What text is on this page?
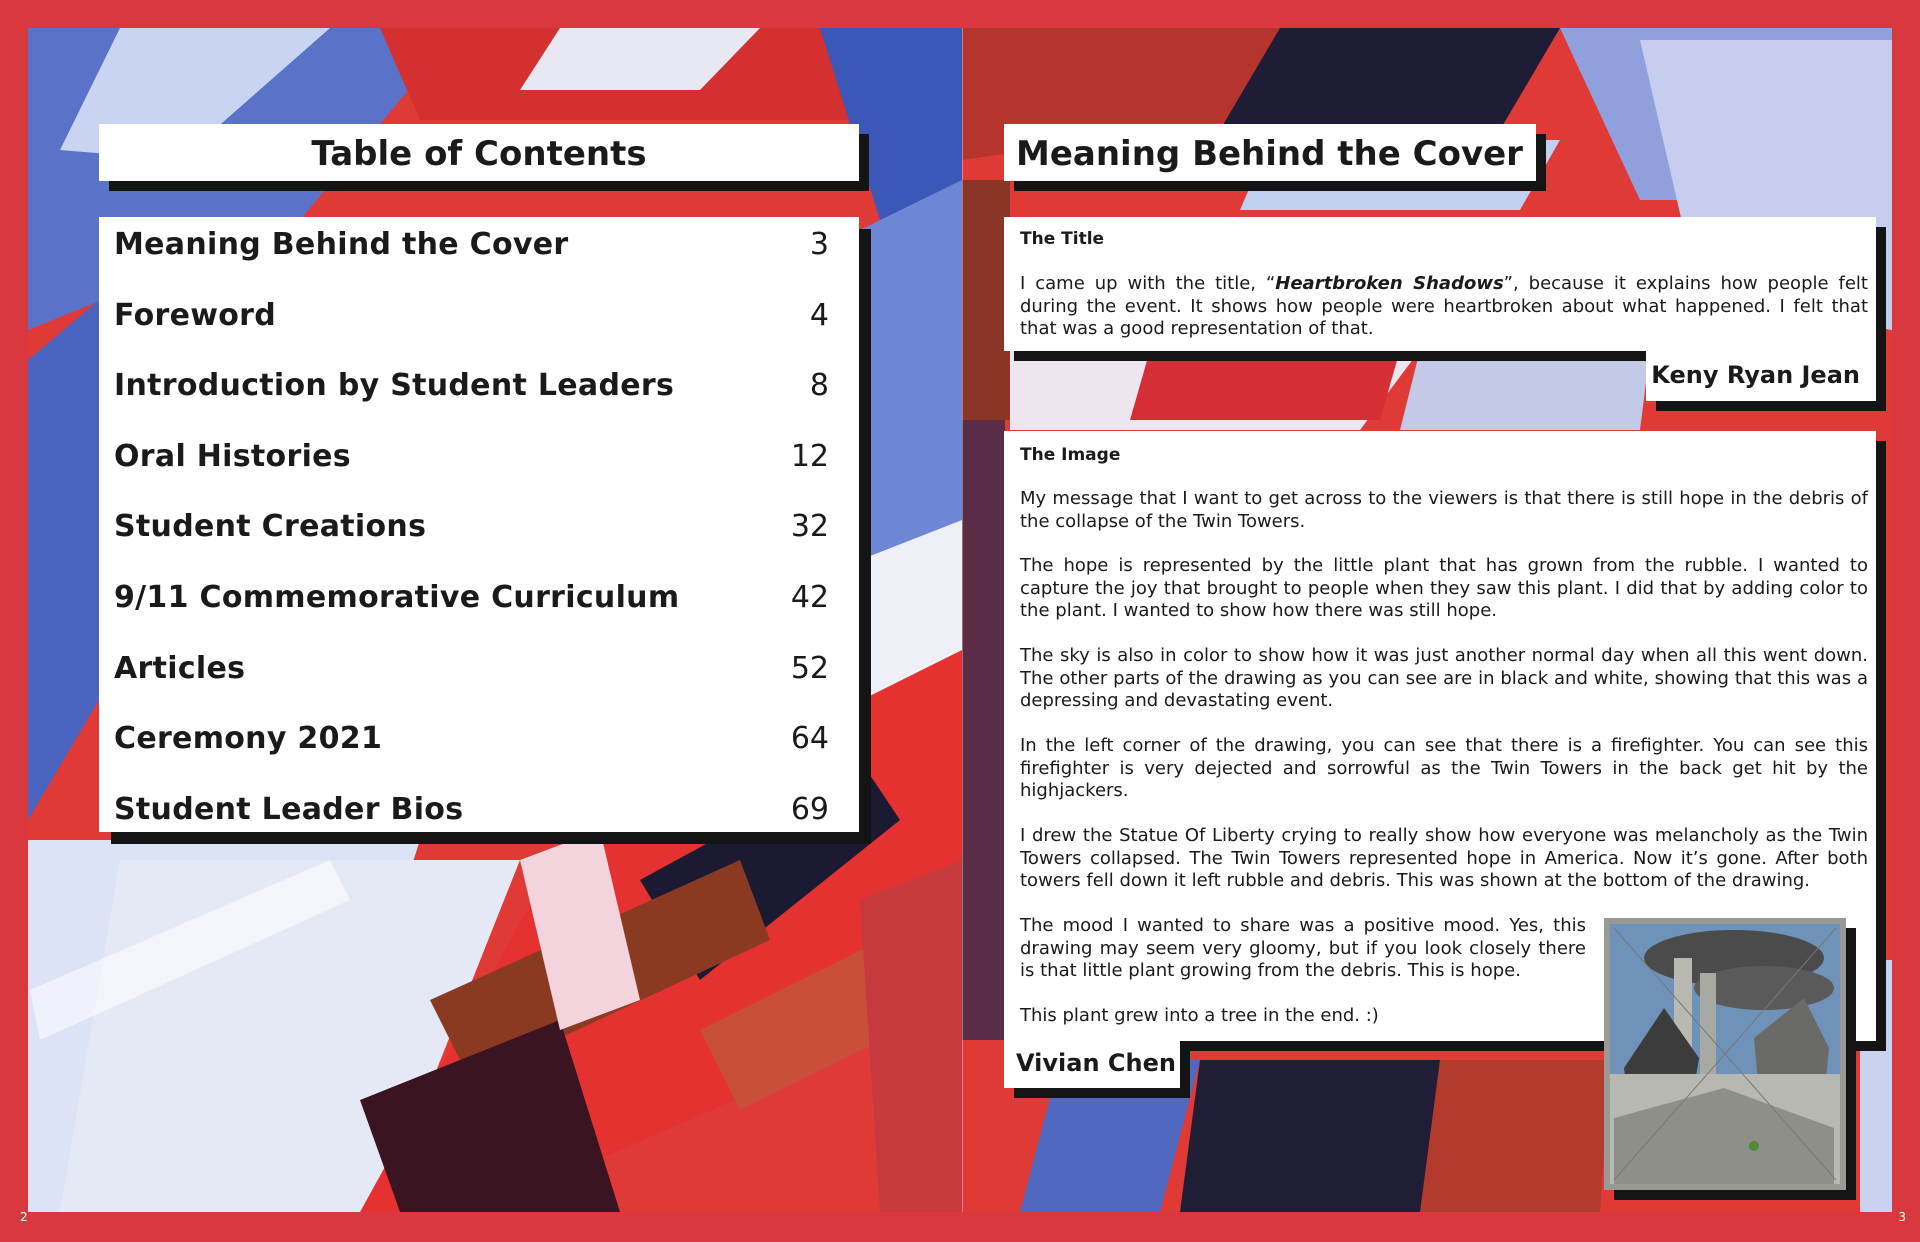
Table of Contents
Meaning Behind the Cover	3
Foreword	4
Introduction by Student Leaders	8
Oral Histories	12
Student Creations	32
9/11 Commemorative Curriculum	42
Articles	52
Ceremony 2021	64
Student Leader Bios	69
2
Meaning Behind the Cover
The Title

I came up with the title, “Heartbroken Shadows”, because it explains how people felt during the event. It shows how people were heartbroken about what happened. I felt that that was a good representation of that.

Keny Ryan Jean
The Image

My message that I want to get across to the viewers is that there is still hope in the debris of the collapse of the Twin Towers.

The hope is represented by the little plant that has grown from the rubble. I wanted to capture the joy that brought to people when they saw this plant. I did that by adding color to the plant. I wanted to show how there was still hope.

The sky is also in color to show how it was just another normal day when all this went down. The other parts of the drawing as you can see are in black and white, showing that this was a depressing and devastating event.

In the left corner of the drawing, you can see that there is a firefighter. You can see this firefighter is very dejected and sorrowful as the Twin Towers in the back get hit by the highjackers.

I drew the Statue Of Liberty crying to really show how everyone was melancholy as the Twin Towers collapsed. The Twin Towers represented hope in America. Now it’s gone. After both towers fell down it left rubble and debris. This was shown at the bottom of the drawing.

The mood I wanted to share was a positive mood. Yes, this drawing may seem very gloomy, but if you look closely there is that little plant growing from the debris. This is hope.

This plant grew into a tree in the end. :)

Vivian Chen
3
